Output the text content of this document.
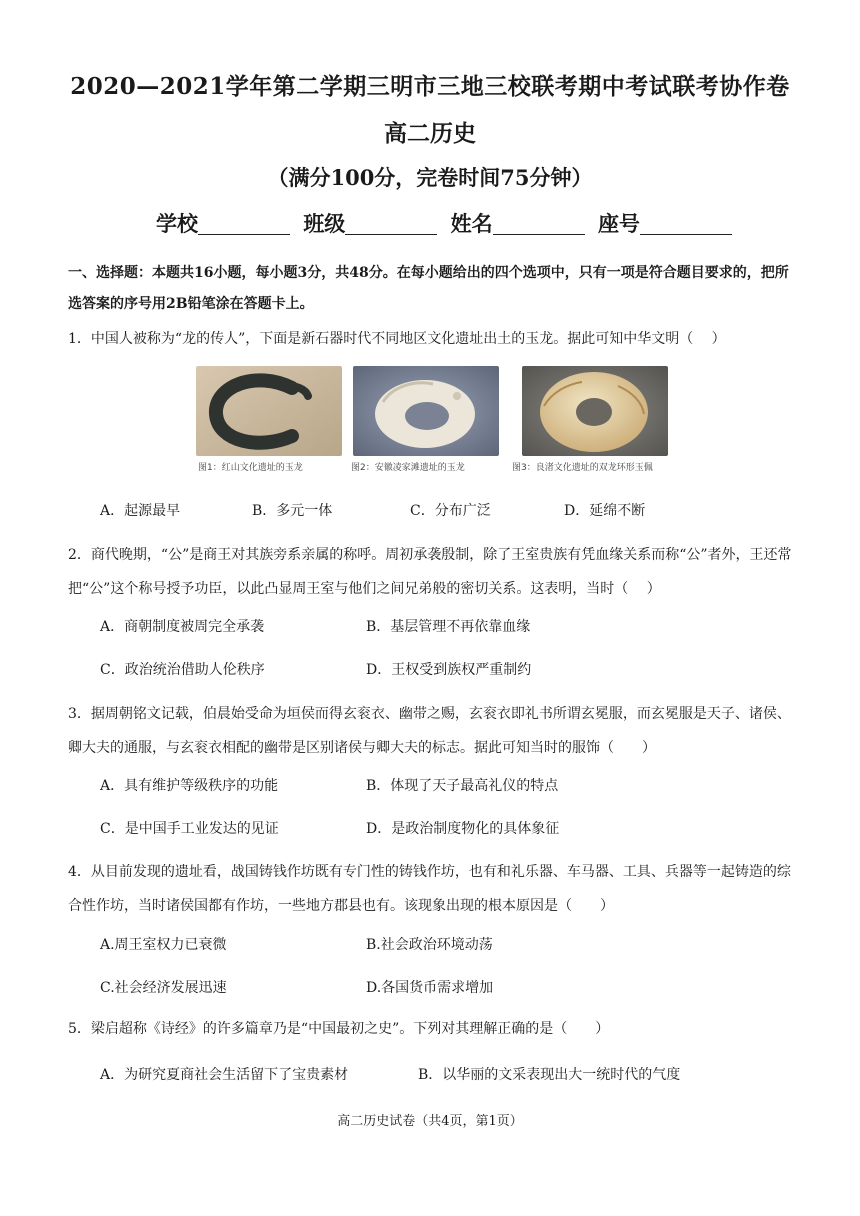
2020—2021学年第二学期三明市三地三校联考期中考试联考协作卷
高二历史
（满分100分，完卷时间75分钟）
学校	班级	姓名	座号
一、选择题：本题共16小题，每小题3分，共48分。在每小题给出的四个选项中，只有一项是符合题目要求的，把所选答案的序号用2B铅笔涂在答题卡上。
1．中国人被称为“龙的传人”，下面是新石器时代不同地区文化遗址出土的玉龙。据此可知中华文明（　 ）
图1：红山文化遗址的玉龙	图2：安徽凌家滩遗址的玉龙	图3：良渚文化遗址的双龙环形玉佩
A．起源最早	B．多元一体	C．分布广泛	D．延绵不断
2．商代晚期，“公”是商王对其族旁系亲属的称呼。周初承袭殷制，除了王室贵族有凭血缘关系而称“公”者外，王还常把“公”这个称号授予功臣，以此凸显周王室与他们之间兄弟般的密切关系。这表明，当时（　 ）
A．商朝制度被周完全承袭	B．基层管理不再依靠血缘
C．政治统治借助人伦秩序	D．王权受到族权严重制约
3．据周朝铭文记载，伯晨始受命为垣侯而得玄衮衣、幽带之赐，玄衮衣即礼书所谓玄冕服，而玄冕服是天子、诸侯、卿大夫的通服，与玄衮衣相配的幽带是区别诸侯与卿大夫的标志。据此可知当时的服饰（　　）
A．具有维护等级秩序的功能	B．体现了天子最高礼仪的特点
C．是中国手工业发达的见证	D．是政治制度物化的具体象征
4．从目前发现的遗址看，战国铸钱作坊既有专门性的铸钱作坊，也有和礼乐器、车马器、工具、兵器等一起铸造的综合性作坊，当时诸侯国都有作坊，一些地方郡县也有。该现象出现的根本原因是（　　）
A.周王室权力已衰微	B.社会政治环境动荡
C.社会经济发展迅速	D.各国货币需求增加
5．梁启超称《诗经》的许多篇章乃是“中国最初之史”。下列对其理解正确的是（　　）
A．为研究夏商社会生活留下了宝贵素材	B．以华丽的文采表现出大一统时代的气度
高二历史试卷（共4页，第1页）
